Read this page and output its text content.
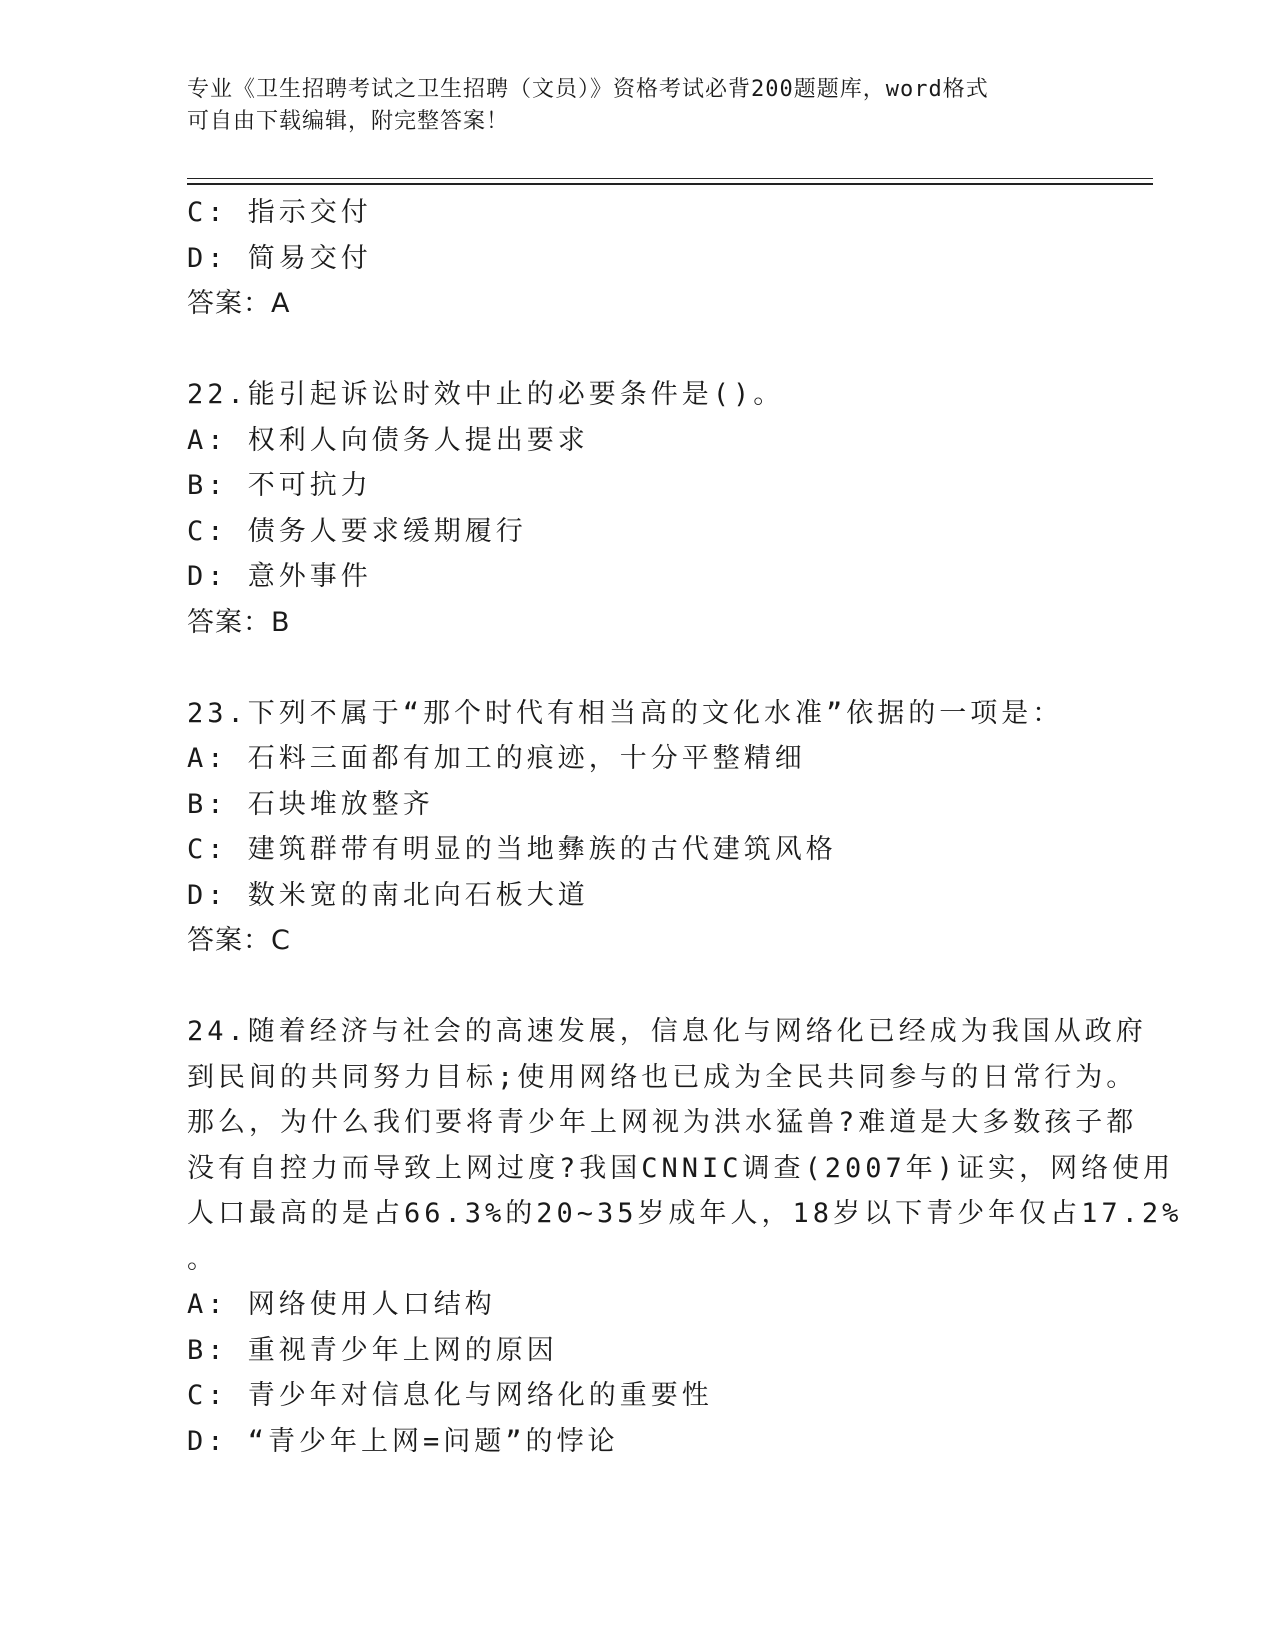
专业《卫生招聘考试之卫生招聘（文员）》资格考试必背200题题库，word格式
可自由下载编辑，附完整答案！
C: 指示交付
D: 简易交付
答案：A
22.能引起诉讼时效中止的必要条件是()。
A: 权利人向债务人提出要求
B: 不可抗力
C: 债务人要求缓期履行
D: 意外事件
答案：B
23.下列不属于“那个时代有相当高的文化水准”依据的一项是：
A: 石料三面都有加工的痕迹，十分平整精细
B: 石块堆放整齐
C: 建筑群带有明显的当地彝族的古代建筑风格
D: 数米宽的南北向石板大道
答案：C
24.随着经济与社会的高速发展，信息化与网络化已经成为我国从政府
到民间的共同努力目标;使用网络也已成为全民共同参与的日常行为。
那么，为什么我们要将青少年上网视为洪水猛兽?难道是大多数孩子都
没有自控力而导致上网过度?我国CNNIC调查(2007年)证实，网络使用
人口最高的是占66.3%的20~35岁成年人，18岁以下青少年仅占17.2%
。
A: 网络使用人口结构
B: 重视青少年上网的原因
C: 青少年对信息化与网络化的重要性
D: “青少年上网=问题”的悖论
